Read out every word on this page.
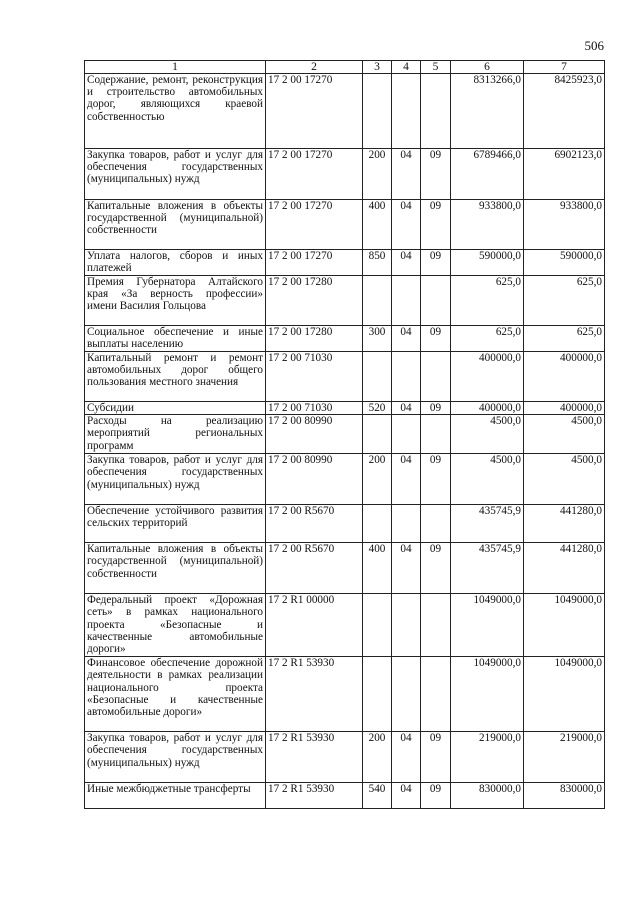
506
1	2	3	4	5	6	7
Содержание, ремонт, реконструкция и строительство автомобильных дорог, являющихся краевой собственностью	17 2 00 17270				8313266,0	8425923,0
Закупка товаров, работ и услуг для обеспечения государственных (муниципальных) нужд	17 2 00 17270	200	04	09	6789466,0	6902123,0
Капитальные вложения в объекты государственной (муниципальной) собственности	17 2 00 17270	400	04	09	933800,0	933800,0
Уплата налогов, сборов и иных платежей	17 2 00 17270	850	04	09	590000,0	590000,0
Премия Губернатора Алтайского края «За верность профессии» имени Василия Гольцова	17 2 00 17280				625,0	625,0
Социальное обеспечение и иные выплаты населению	17 2 00 17280	300	04	09	625,0	625,0
Капитальный ремонт и ремонт автомобильных дорог общего пользования местного значения	17 2 00 71030				400000,0	400000,0
Субсидии	17 2 00 71030	520	04	09	400000,0	400000,0
Расходы на реализацию мероприятий региональных программ	17 2 00 80990				4500,0	4500,0
Закупка товаров, работ и услуг для обеспечения государственных (муниципальных) нужд	17 2 00 80990	200	04	09	4500,0	4500,0
Обеспечение устойчивого развития сельских территорий	17 2 00 R5670				435745,9	441280,0
Капитальные вложения в объекты государственной (муниципальной) собственности	17 2 00 R5670	400	04	09	435745,9	441280,0
Федеральный проект «Дорожная сеть» в рамках национального проекта «Безопасные и качественные автомобильные дороги»	17 2 R1 00000				1049000,0	1049000,0
Финансовое обеспечение дорожной деятельности в рамках реализации национального проекта «Безопасные и качественные автомобильные дороги»	17 2 R1 53930				1049000,0	1049000,0
Закупка товаров, работ и услуг для обеспечения государственных (муниципальных) нужд	17 2 R1 53930	200	04	09	219000,0	219000,0
Иные межбюджетные трансферты	17 2 R1 53930	540	04	09	830000,0	830000,0
